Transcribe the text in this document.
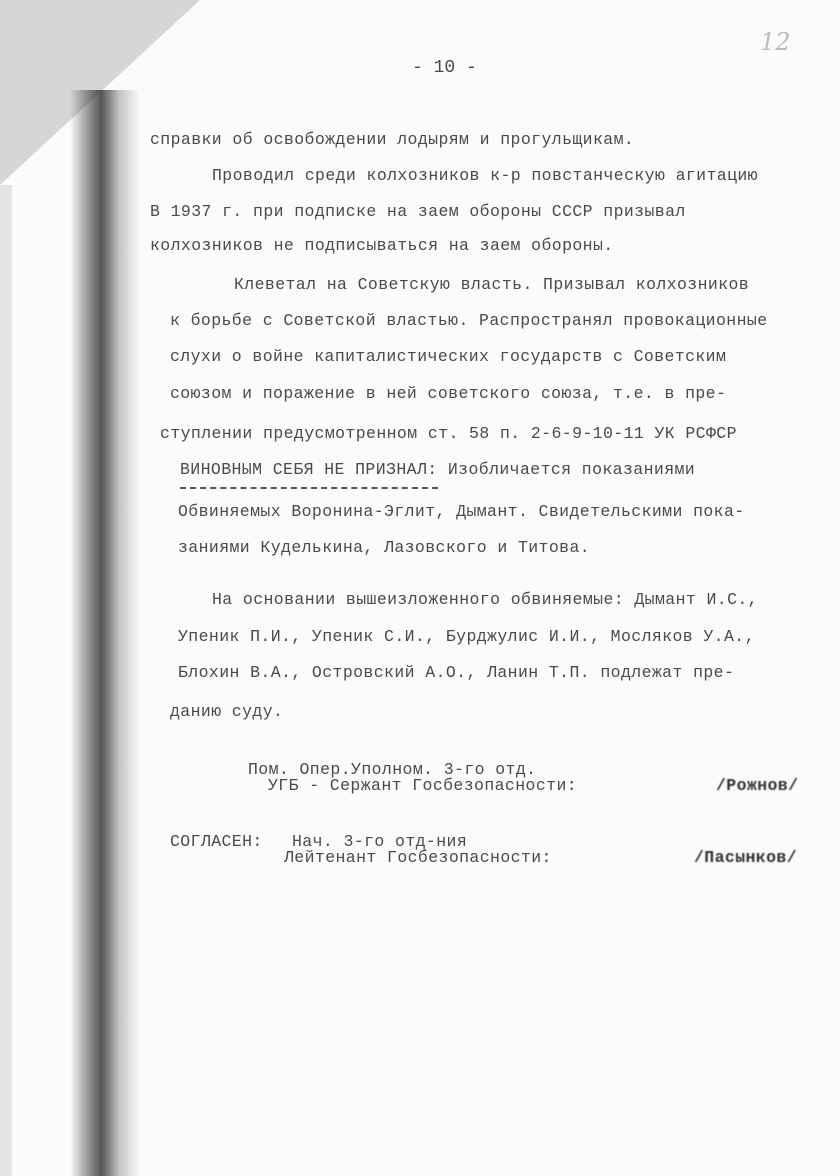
12
- 10 -
справки об освобождении лодырям и прогульщикам.
Проводил среди колхозников к-р повстанческую агитацию
В 1937 г. при подписке на заем обороны СССР призывал
колхозников не подписываться на заем обороны.
Клеветал на Советскую власть. Призывал колхозников
к борьбе с Советской властью. Распространял провокационные
слухи о войне капиталистических государств с Советским
союзом и поражение в ней советского союза, т.е. в пре-
ступлении предусмотренном ст. 58 п. 2-6-9-10-11 УК РСФСР
ВИНОВНЫМ СЕБЯ НЕ ПРИЗНАЛ: Изобличается показаниями
Обвиняемых Воронина-Эглит, Дымант. Свидетельскими пока-
заниями Куделькина, Лазовского и Титова.
На основании вышеизложенного обвиняемые: Дымант И.С.,
Упеник П.И., Упеник С.И., Бурджулис И.И., Мосляков У.А.,
Блохин В.А., Островский А.О., Ланин Т.П. подлежат пре-
данию суду.
Пом. Опер.Уполном. 3-го отд.
УГБ - Сержант Госбезопасности:	/Рожнов/
СОГЛАСЕН: Нач. 3-го отд-ния
Лейтенант Госбезопасности:	/Пасынков/
